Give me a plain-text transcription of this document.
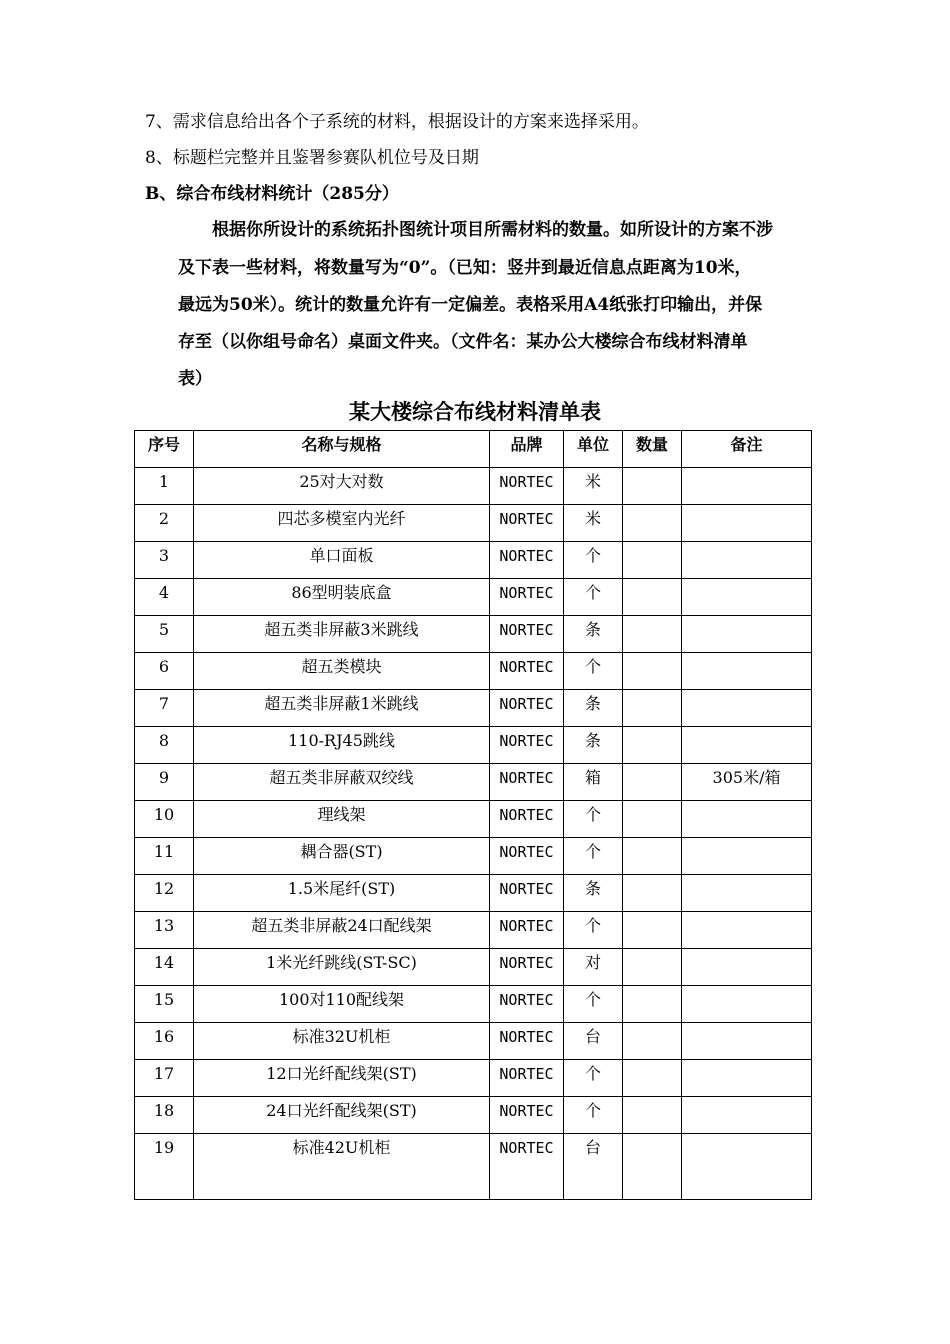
7、需求信息给出各个子系统的材料，根据设计的方案来选择采用。
8、标题栏完整并且鉴署参赛队机位号及日期
B、综合布线材料统计（285分）
根据你所设计的系统拓扑图统计项目所需材料的数量。如所设计的方案不涉
及下表一些材料，将数量写为“0”。（已知：竖井到最近信息点距离为10米，
最远为50米）。统计的数量允许有一定偏差。表格采用A4纸张打印输出，并保
存至（以你组号命名）桌面文件夹。（文件名：某办公大楼综合布线材料清单
表）
某大楼综合布线材料清单表
序号	名称与规格	品牌	单位	数量	备注
1	25对大对数	NORTEC	米		
2	四芯多模室内光纤	NORTEC	米		
3	单口面板	NORTEC	个		
4	86型明装底盒	NORTEC	个		
5	超五类非屏蔽3米跳线	NORTEC	条		
6	超五类模块	NORTEC	个		
7	超五类非屏蔽1米跳线	NORTEC	条		
8	110-RJ45跳线	NORTEC	条		
9	超五类非屏蔽双绞线	NORTEC	箱		305米/箱
10	理线架	NORTEC	个		
11	耦合器(ST)	NORTEC	个		
12	1.5米尾纤(ST)	NORTEC	条		
13	超五类非屏蔽24口配线架	NORTEC	个		
14	1米光纤跳线(ST-SC)	NORTEC	对		
15	100对110配线架	NORTEC	个		
16	标准32U机柜	NORTEC	台		
17	12口光纤配线架(ST)	NORTEC	个		
18	24口光纤配线架(ST)	NORTEC	个		
19	标准42U机柜	NORTEC	台		
